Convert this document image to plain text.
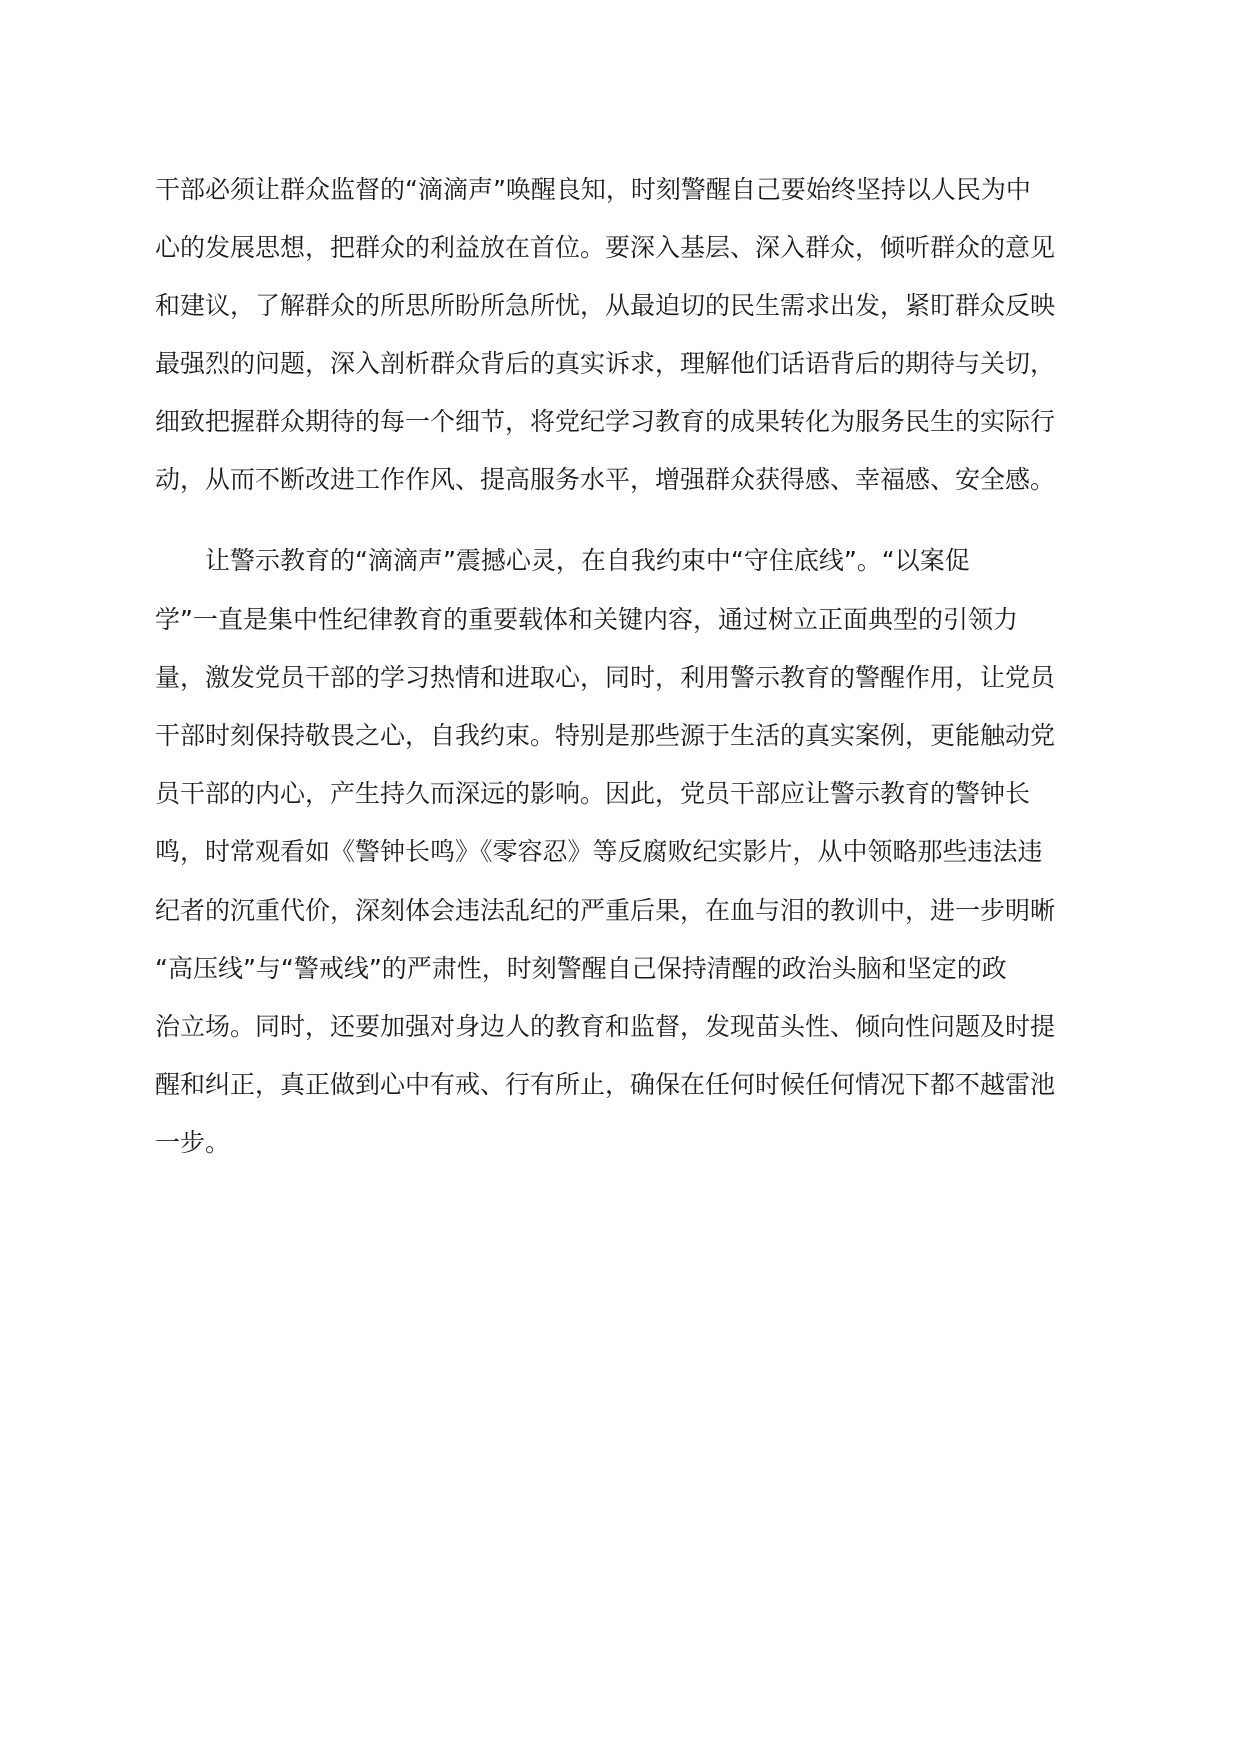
干部必须让群众监督的“滴滴声”唤醒良知，时刻警醒自己要始终坚持以人民为中
心的发展思想，把群众的利益放在首位。要深入基层、深入群众，倾听群众的意见
和建议，了解群众的所思所盼所急所忧，从最迫切的民生需求出发，紧盯群众反映
最强烈的问题，深入剖析群众背后的真实诉求，理解他们话语背后的期待与关切，
细致把握群众期待的每一个细节，将党纪学习教育的成果转化为服务民生的实际行
动，从而不断改进工作作风、提高服务水平，增强群众获得感、幸福感、安全感。
让警示教育的“滴滴声”震撼心灵，在自我约束中“守住底线”。“以案促
学”一直是集中性纪律教育的重要载体和关键内容，通过树立正面典型的引领力
量，激发党员干部的学习热情和进取心，同时，利用警示教育的警醒作用，让党员
干部时刻保持敬畏之心，自我约束。特别是那些源于生活的真实案例，更能触动党
员干部的内心，产生持久而深远的影响。因此，党员干部应让警示教育的警钟长
鸣，时常观看如《警钟长鸣》《零容忍》等反腐败纪实影片，从中领略那些违法违
纪者的沉重代价，深刻体会违法乱纪的严重后果，在血与泪的教训中，进一步明晰
“高压线”与“警戒线”的严肃性，时刻警醒自己保持清醒的政治头脑和坚定的政
治立场。同时，还要加强对身边人的教育和监督，发现苗头性、倾向性问题及时提
醒和纠正，真正做到心中有戒、行有所止，确保在任何时候任何情况下都不越雷池
一步。
